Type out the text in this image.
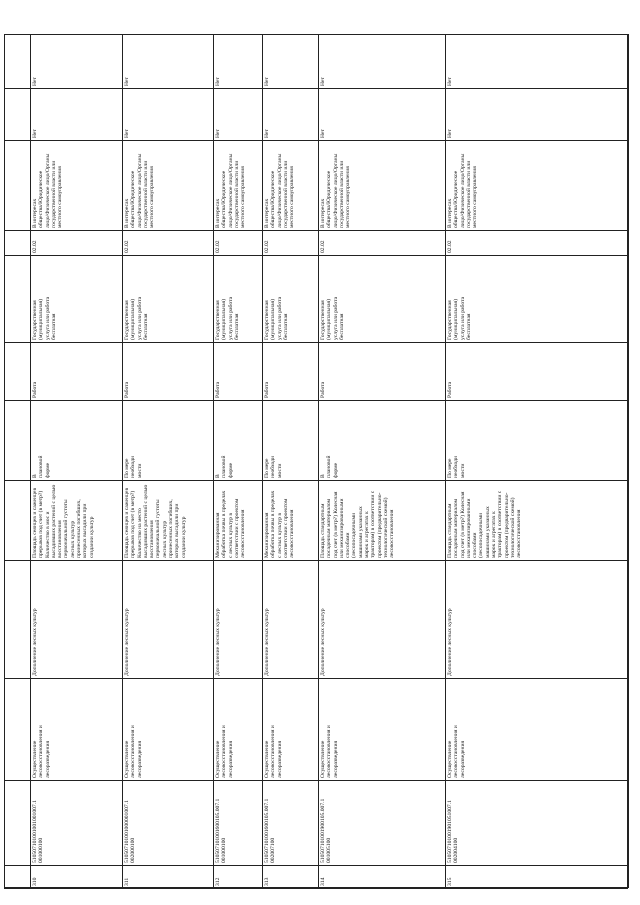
310
510507101001001001007.1
001000100
Осуществление
лесовосстановления и
лесоразведения
Дополнение лесных культур
Площадь сеянцев и саженцев
прерывов под счет (в метр?)
Количество в мос и
высадивших растений с целью
восстановления
первоначальной густоты
лесных культур
принесенных погибших,
которых высадили при
создании культур
В
плановой
форме
Работа
Государственная
(муниципальная)
услуга или работа
бесплатная
02.02
В интересах
общества/Юридическое
лицо/Физическое лицо/Органы
государственной власти или
местного самоуправления
Нет
Нет
311
510507101001000001007.1
002000100
Осуществление
лесовосстановления и
лесоразведения
Дополнение лесных культур
Площадь сеянцев и саженцев
прерывов под счет (в метр?)
Количество на место
высадивших растений с целью
восстановления
первоначальной густоты
лесных культур
принесенных погибших,
которых высадили при
создании культур
По мере
необходи
мости
Работа
Государственная
(муниципальная)
услуга или работа
бесплатная
02.02
В интересах
общества/Юридическое
лицо/Физическое лицо/Органы
государственной власти или
местного самоуправления
Нет
Нет
312
510507101001600105.007.1
001000100
Осуществление
лесовосстановления и
лесоразведения
Дополнение лесных культур
Механизированная
обработка почвы в пределах
с лесных культур в
соответствии с проектом
лесовосстановления
В
плановой
форме
Работа
Государственная
(муниципальная)
услуга или работа
бесплатная
02.02
В интересах
общества/Юридическое
лицо/Физическое лицо/Органы
государственной власти или
местного самоуправления
Нет
Нет
313
510507101001600105.007.1
002007100
Осуществление
лесовосстановления и
лесоразведения
Дополнение лесных культур
Механизированная
обработка почвы в пределах
с лесных культур в
соответствии с проектом
лесовосстановления
По мере
необходи
мости
Работа
Государственная
(муниципальная)
услуга или работа
бесплатная
02.02
В интересах
общества/Юридическое
лицо/Физическое лицо/Органы
государственной власти или
местного самоуправления
Нет
Нет
314
510507101001900105.007.1
001005100
Осуществление
лесовосстановления и
лесоразведения
Дополнение лесных культур
Площадь стандартным
посадочным материалом
под счет (в метр?) Колесная
или механизированными
способами
(лесопосадочными
машинами указанных
марок и агрегатах к
тракторам) в соответствии с
проектом (предварительно-
технологической схемой)
лесовосстановления
В
плановой
форме
Работа
Государственная
(муниципальная)
услуга или работа
бесплатная
02.02
В интересах
общества/Юридическое
лицо/Физическое лицо/Органы
государственной власти или
местного самоуправления
Нет
Нет
315
510507101001901051007.1
002004100
Осуществление
лесовосстановления и
лесоразведения
Дополнение лесных культур
Площадь стандартным
посадочным материалом
под счет (в метр?) Колесная
или механизированными
способами
(лесопосадочными
машинами указанных
марок и агрегатах к
тракторам) в соответствии с
проектом (предварительно-
технологической схемой)
лесовосстановления
По мере
необходи
мости
Работа
Государственная
(муниципальная)
услуга или работа
бесплатная
02.02
В интересах
общества/Юридическое
лицо/Физическое лицо/Органы
государственной власти или
местного самоуправления
Нет
Нет
